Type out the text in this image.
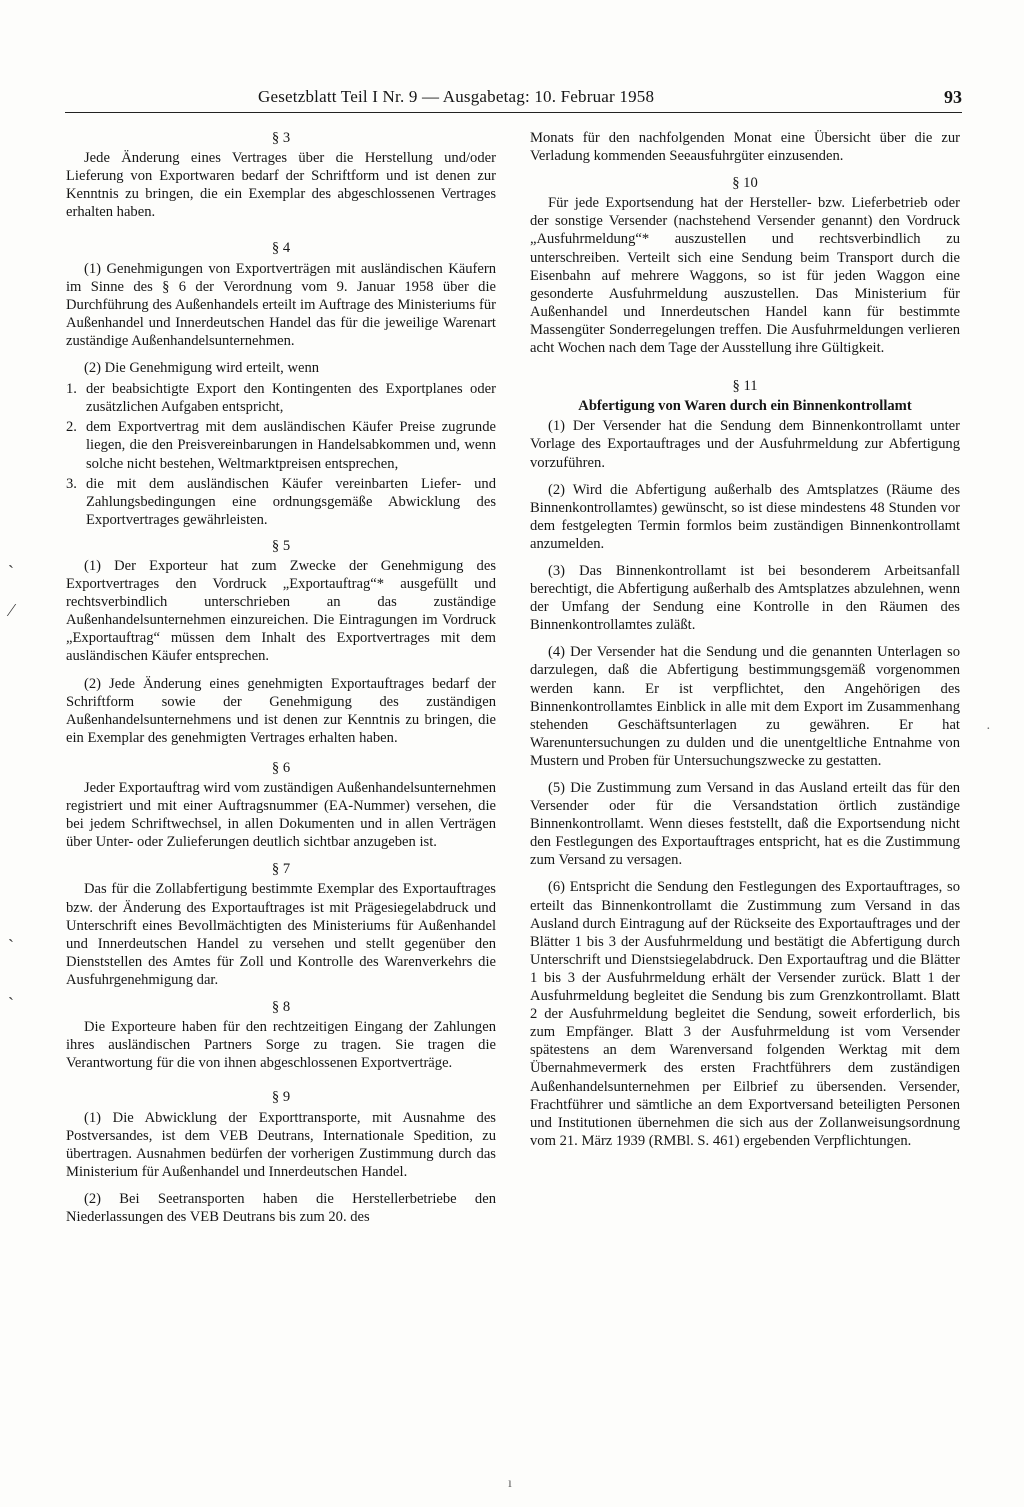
Gesetzblatt Teil I Nr. 9 — Ausgabetag: 10. Februar 1958	93
ˏ
⁄
ˏ
ˏ
·
ı
§ 3

Jede Änderung eines Vertrages über die Herstellung und/oder Lieferung von Exportwaren bedarf der Schriftform und ist denen zur Kenntnis zu bringen, die ein Exemplar des abgeschlossenen Vertrages erhalten haben.

§ 4

(1) Genehmigungen von Exportverträgen mit ausländischen Käufern im Sinne des § 6 der Verordnung vom 9. Januar 1958 über die Durchführung des Außenhandels erteilt im Auftrage des Ministeriums für Außenhandel und Innerdeutschen Handel das für die jeweilige Warenart zuständige Außenhandelsunternehmen.

(2) Die Genehmigung wird erteilt, wenn

1. der beabsichtigte Export den Kontingenten des Exportplanes oder zusätzlichen Aufgaben entspricht,
2. dem Exportvertrag mit dem ausländischen Käufer Preise zugrunde liegen, die den Preisvereinbarungen in Handelsabkommen und, wenn solche nicht bestehen, Weltmarktpreisen entsprechen,
3. die mit dem ausländischen Käufer vereinbarten Liefer- und Zahlungsbedingungen eine ordnungsgemäße Abwicklung des Exportvertrages gewährleisten.
§ 5

(1) Der Exporteur hat zum Zwecke der Genehmigung des Exportvertrages den Vordruck „Exportauftrag“* ausgefüllt und rechtsverbindlich unterschrieben an das zuständige Außenhandelsunternehmen einzureichen. Die Eintragungen im Vordruck „Exportauftrag“ müssen dem Inhalt des Exportvertrages mit dem ausländischen Käufer entsprechen.

(2) Jede Änderung eines genehmigten Exportauftrages bedarf der Schriftform sowie der Genehmigung des zuständigen Außenhandelsunternehmens und ist denen zur Kenntnis zu bringen, die ein Exemplar des genehmigten Vertrages erhalten haben.

§ 6

Jeder Exportauftrag wird vom zuständigen Außenhandelsunternehmen registriert und mit einer Auftragsnummer (EA-Nummer) versehen, die bei jedem Schriftwechsel, in allen Dokumenten und in allen Verträgen über Unter- oder Zulieferungen deutlich sichtbar anzugeben ist.

§ 7

Das für die Zollabfertigung bestimmte Exemplar des Exportauftrages bzw. der Änderung des Exportauftrages ist mit Prägesiegelabdruck und Unterschrift eines Bevollmächtigten des Ministeriums für Außenhandel und Innerdeutschen Handel zu versehen und stellt gegenüber den Dienststellen des Amtes für Zoll und Kontrolle des Warenverkehrs die Ausfuhrgenehmigung dar.

§ 8

Die Exporteure haben für den rechtzeitigen Eingang der Zahlungen ihres ausländischen Partners Sorge zu tragen. Sie tragen die Verantwortung für die von ihnen abgeschlossenen Exportverträge.

§ 9

(1) Die Abwicklung der Exporttransporte, mit Ausnahme des Postversandes, ist dem VEB Deutrans, Internationale Spedition, zu übertragen. Ausnahmen bedürfen der vorherigen Zustimmung durch das Ministerium für Außenhandel und Innerdeutschen Handel.

(2) Bei Seetransporten haben die Herstellerbetriebe den Niederlassungen des VEB Deutrans bis zum 20. des

Monats für den nachfolgenden Monat eine Übersicht über die zur Verladung kommenden Seeausfuhrgüter einzusenden.

§ 10

Für jede Exportsendung hat der Hersteller- bzw. Lieferbetrieb oder der sonstige Versender (nachstehend Versender genannt) den Vordruck „Ausfuhrmeldung“* auszustellen und rechtsverbindlich zu unterschreiben. Verteilt sich eine Sendung beim Transport durch die Eisenbahn auf mehrere Waggons, so ist für jeden Waggon eine gesonderte Ausfuhrmeldung auszustellen. Das Ministerium für Außenhandel und Innerdeutschen Handel kann für bestimmte Massengüter Sonderregelungen treffen. Die Ausfuhrmeldungen verlieren acht Wochen nach dem Tage der Ausstellung ihre Gültigkeit.

§ 11
Abfertigung von Waren durch ein Binnenkontrollamt

(1) Der Versender hat die Sendung dem Binnenkontrollamt unter Vorlage des Exportauftrages und der Ausfuhrmeldung zur Abfertigung vorzuführen.

(2) Wird die Abfertigung außerhalb des Amtsplatzes (Räume des Binnenkontrollamtes) gewünscht, so ist diese mindestens 48 Stunden vor dem festgelegten Termin formlos beim zuständigen Binnenkontrollamt anzumelden.

(3) Das Binnenkontrollamt ist bei besonderem Arbeitsanfall berechtigt, die Abfertigung außerhalb des Amtsplatzes abzulehnen, wenn der Umfang der Sendung eine Kontrolle in den Räumen des Binnenkontrollamtes zuläßt.

(4) Der Versender hat die Sendung und die genannten Unterlagen so darzulegen, daß die Abfertigung bestimmungsgemäß vorgenommen werden kann. Er ist verpflichtet, den Angehörigen des Binnenkontrollamtes Einblick in alle mit dem Export im Zusammenhang stehenden Geschäftsunterlagen zu gewähren. Er hat Warenuntersuchungen zu dulden und die unentgeltliche Entnahme von Mustern und Proben für Untersuchungszwecke zu gestatten.

(5) Die Zustimmung zum Versand in das Ausland erteilt das für den Versender oder für die Versandstation örtlich zuständige Binnenkontrollamt. Wenn dieses feststellt, daß die Exportsendung nicht den Festlegungen des Exportauftrages entspricht, hat es die Zustimmung zum Versand zu versagen.

(6) Entspricht die Sendung den Festlegungen des Exportauftrages, so erteilt das Binnenkontrollamt die Zustimmung zum Versand in das Ausland durch Eintragung auf der Rückseite des Exportauftrages und der Blätter 1 bis 3 der Ausfuhrmeldung und bestätigt die Abfertigung durch Unterschrift und Dienstsiegelabdruck. Den Exportauftrag und die Blätter 1 bis 3 der Ausfuhrmeldung erhält der Versender zurück. Blatt 1 der Ausfuhrmeldung begleitet die Sendung bis zum Grenzkontrollamt. Blatt 2 der Ausfuhrmeldung begleitet die Sendung, soweit erforderlich, bis zum Empfänger. Blatt 3 der Ausfuhrmeldung ist vom Versender spätestens an dem Warenversand folgenden Werktag mit dem Übernahmevermerk des ersten Frachtführers dem zuständigen Außenhandelsunternehmen per Eilbrief zu übersenden. Versender, Frachtführer und sämtliche an dem Exportversand beteiligten Personen und Institutionen übernehmen die sich aus der Zollanweisungsordnung vom 21. März 1939 (RMBl. S. 461) ergebenden Verpflichtungen.
